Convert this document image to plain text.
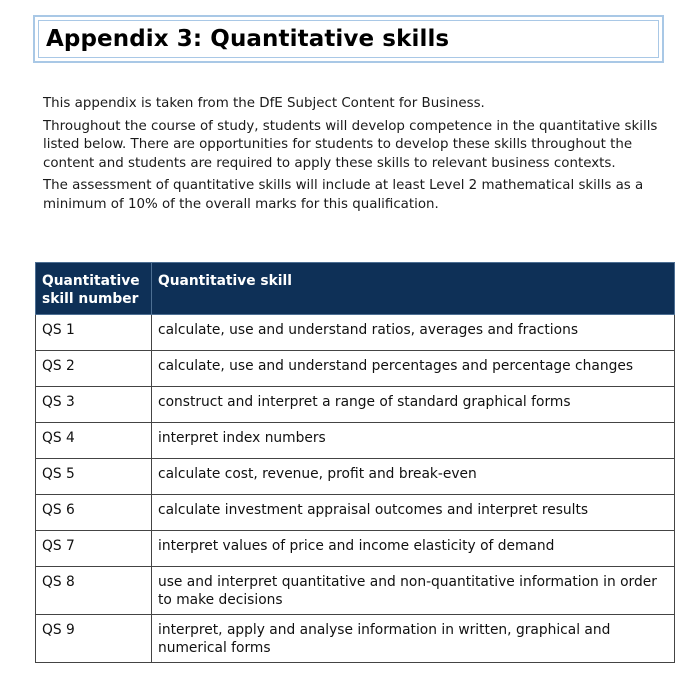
Appendix 3: Quantitative skills

This appendix is taken from the DfE Subject Content for Business.

Throughout the course of study, students will develop competence in the quantitative skills listed below. There are opportunities for students to develop these skills throughout the content and students are required to apply these skills to relevant business contexts.

The assessment of quantitative skills will include at least Level 2 mathematical skills as a minimum of 10% of the overall marks for this qualification.

Quantitative skill number	Quantitative skill
QS 1	calculate, use and understand ratios, averages and fractions
QS 2	calculate, use and understand percentages and percentage changes
QS 3	construct and interpret a range of standard graphical forms
QS 4	interpret index numbers
QS 5	calculate cost, revenue, profit and break-even
QS 6	calculate investment appraisal outcomes and interpret results
QS 7	interpret values of price and income elasticity of demand
QS 8	use and interpret quantitative and non-quantitative information in order to make decisions
QS 9	interpret, apply and analyse information in written, graphical and numerical forms
